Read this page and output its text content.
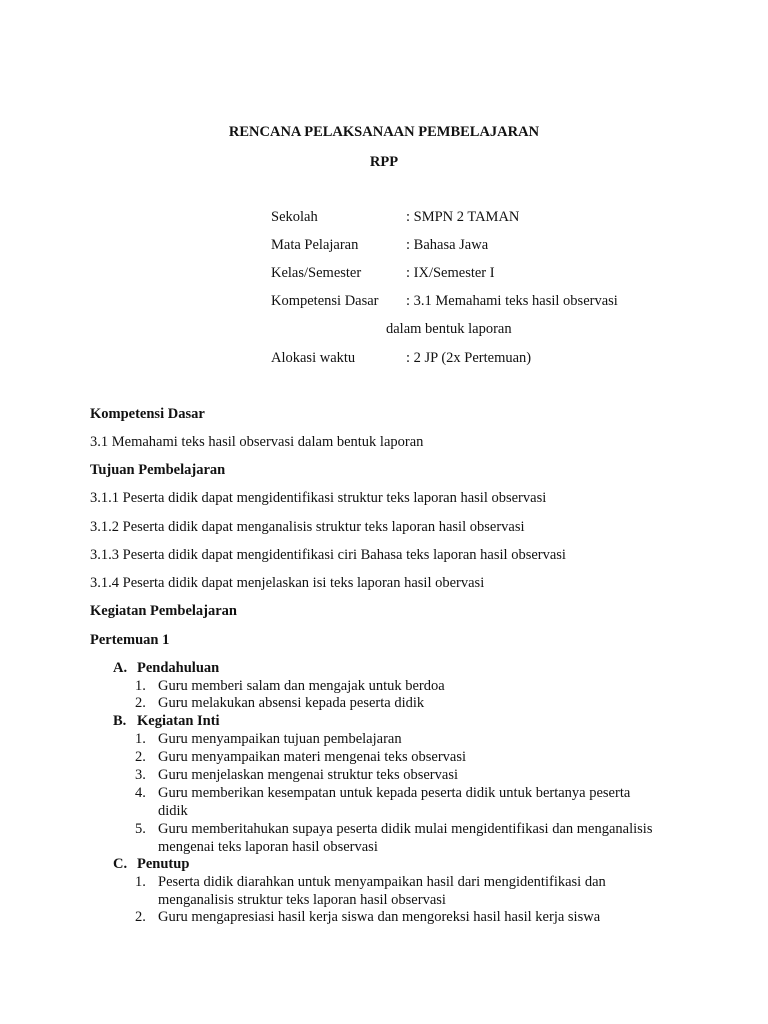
RENCANA PELAKSANAAN PEMBELAJARAN
RPP
Sekolah	: SMPN 2 TAMAN
Mata Pelajaran	: Bahasa Jawa
Kelas/Semester	: IX/Semester I
Kompetensi Dasar : 3.1 Memahami teks hasil observasi
dalam bentuk laporan
Alokasi waktu	: 2 JP (2x Pertemuan)
Kompetensi Dasar
3.1 Memahami teks hasil observasi dalam bentuk laporan
Tujuan Pembelajaran
3.1.1 Peserta didik dapat mengidentifikasi struktur teks laporan hasil observasi
3.1.2 Peserta didik dapat menganalisis struktur teks laporan hasil observasi
3.1.3 Peserta didik dapat mengidentifikasi ciri Bahasa teks laporan hasil observasi
3.1.4 Peserta didik dapat menjelaskan isi teks laporan hasil obervasi
Kegiatan Pembelajaran
Pertemuan 1
A. Pendahuluan
1. Guru memberi salam dan mengajak untuk berdoa
2. Guru melakukan absensi kepada peserta didik
B. Kegiatan Inti
1. Guru menyampaikan tujuan pembelajaran
2. Guru menyampaikan materi mengenai teks observasi
3. Guru menjelaskan mengenai struktur teks observasi
4. Guru memberikan kesempatan untuk kepada peserta didik untuk bertanya peserta
didik
5. Guru memberitahukan supaya peserta didik mulai mengidentifikasi dan menganalisis
mengenai teks laporan hasil observasi
C. Penutup
1. Peserta didik diarahkan untuk menyampaikan hasil dari mengidentifikasi dan
menganalisis struktur teks laporan hasil observasi
2. Guru mengapresiasi hasil kerja siswa dan mengoreksi hasil hasil kerja siswa
